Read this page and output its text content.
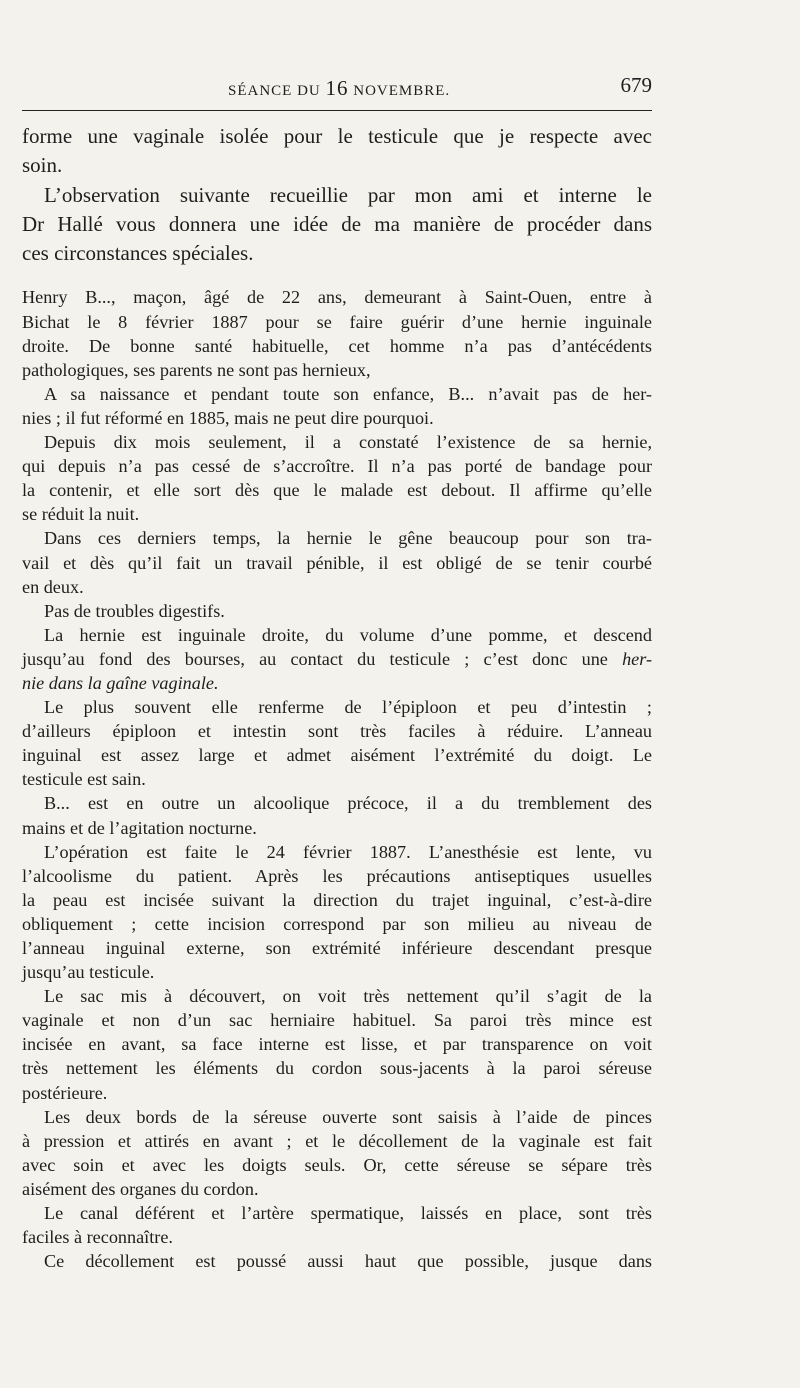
SÉANCE DU 16 NOVEMBRE.	679
forme une vaginale isolée pour le testicule que je respecte avec
soin.
L’observation suivante recueillie par mon ami et interne le
Dr Hallé vous donnera une idée de ma manière de procéder dans
ces circonstances spéciales.
Henry B..., maçon, âgé de 22 ans, demeurant à Saint-Ouen, entre à
Bichat le 8 février 1887 pour se faire guérir d’une hernie inguinale
droite. De bonne santé habituelle, cet homme n’a pas d’antécédents
pathologiques, ses parents ne sont pas hernieux,
A sa naissance et pendant toute son enfance, B... n’avait pas de her-
nies ; il fut réformé en 1885, mais ne peut dire pourquoi.
Depuis dix mois seulement, il a constaté l’existence de sa hernie,
qui depuis n’a pas cessé de s’accroître. Il n’a pas porté de bandage pour
la contenir, et elle sort dès que le malade est debout. Il affirme qu’elle
se réduit la nuit.
Dans ces derniers temps, la hernie le gêne beaucoup pour son tra-
vail et dès qu’il fait un travail pénible, il est obligé de se tenir courbé
en deux.
Pas de troubles digestifs.
La hernie est inguinale droite, du volume d’une pomme, et descend
jusqu’au fond des bourses, au contact du testicule ; c’est donc une her-
nie dans la gaîne vaginale.
Le plus souvent elle renferme de l’épiploon et peu d’intestin ;
d’ailleurs épiploon et intestin sont très faciles à réduire. L’anneau
inguinal est assez large et admet aisément l’extrémité du doigt. Le
testicule est sain.
B... est en outre un alcoolique précoce, il a du tremblement des
mains et de l’agitation nocturne.
L’opération est faite le 24 février 1887. L’anesthésie est lente, vu
l’alcoolisme du patient. Après les précautions antiseptiques usuelles
la peau est incisée suivant la direction du trajet inguinal, c’est-à-dire
obliquement ; cette incision correspond par son milieu au niveau de
l’anneau inguinal externe, son extrémité inférieure descendant presque
jusqu’au testicule.
Le sac mis à découvert, on voit très nettement qu’il s’agit de la
vaginale et non d’un sac herniaire habituel. Sa paroi très mince est
incisée en avant, sa face interne est lisse, et par transparence on voit
très nettement les éléments du cordon sous-jacents à la paroi séreuse
postérieure.
Les deux bords de la séreuse ouverte sont saisis à l’aide de pinces
à pression et attirés en avant ; et le décollement de la vaginale est fait
avec soin et avec les doigts seuls. Or, cette séreuse se sépare très
aisément des organes du cordon.
Le canal déférent et l’artère spermatique, laissés en place, sont très
faciles à reconnaître.
Ce décollement est poussé aussi haut que possible, jusque dans
